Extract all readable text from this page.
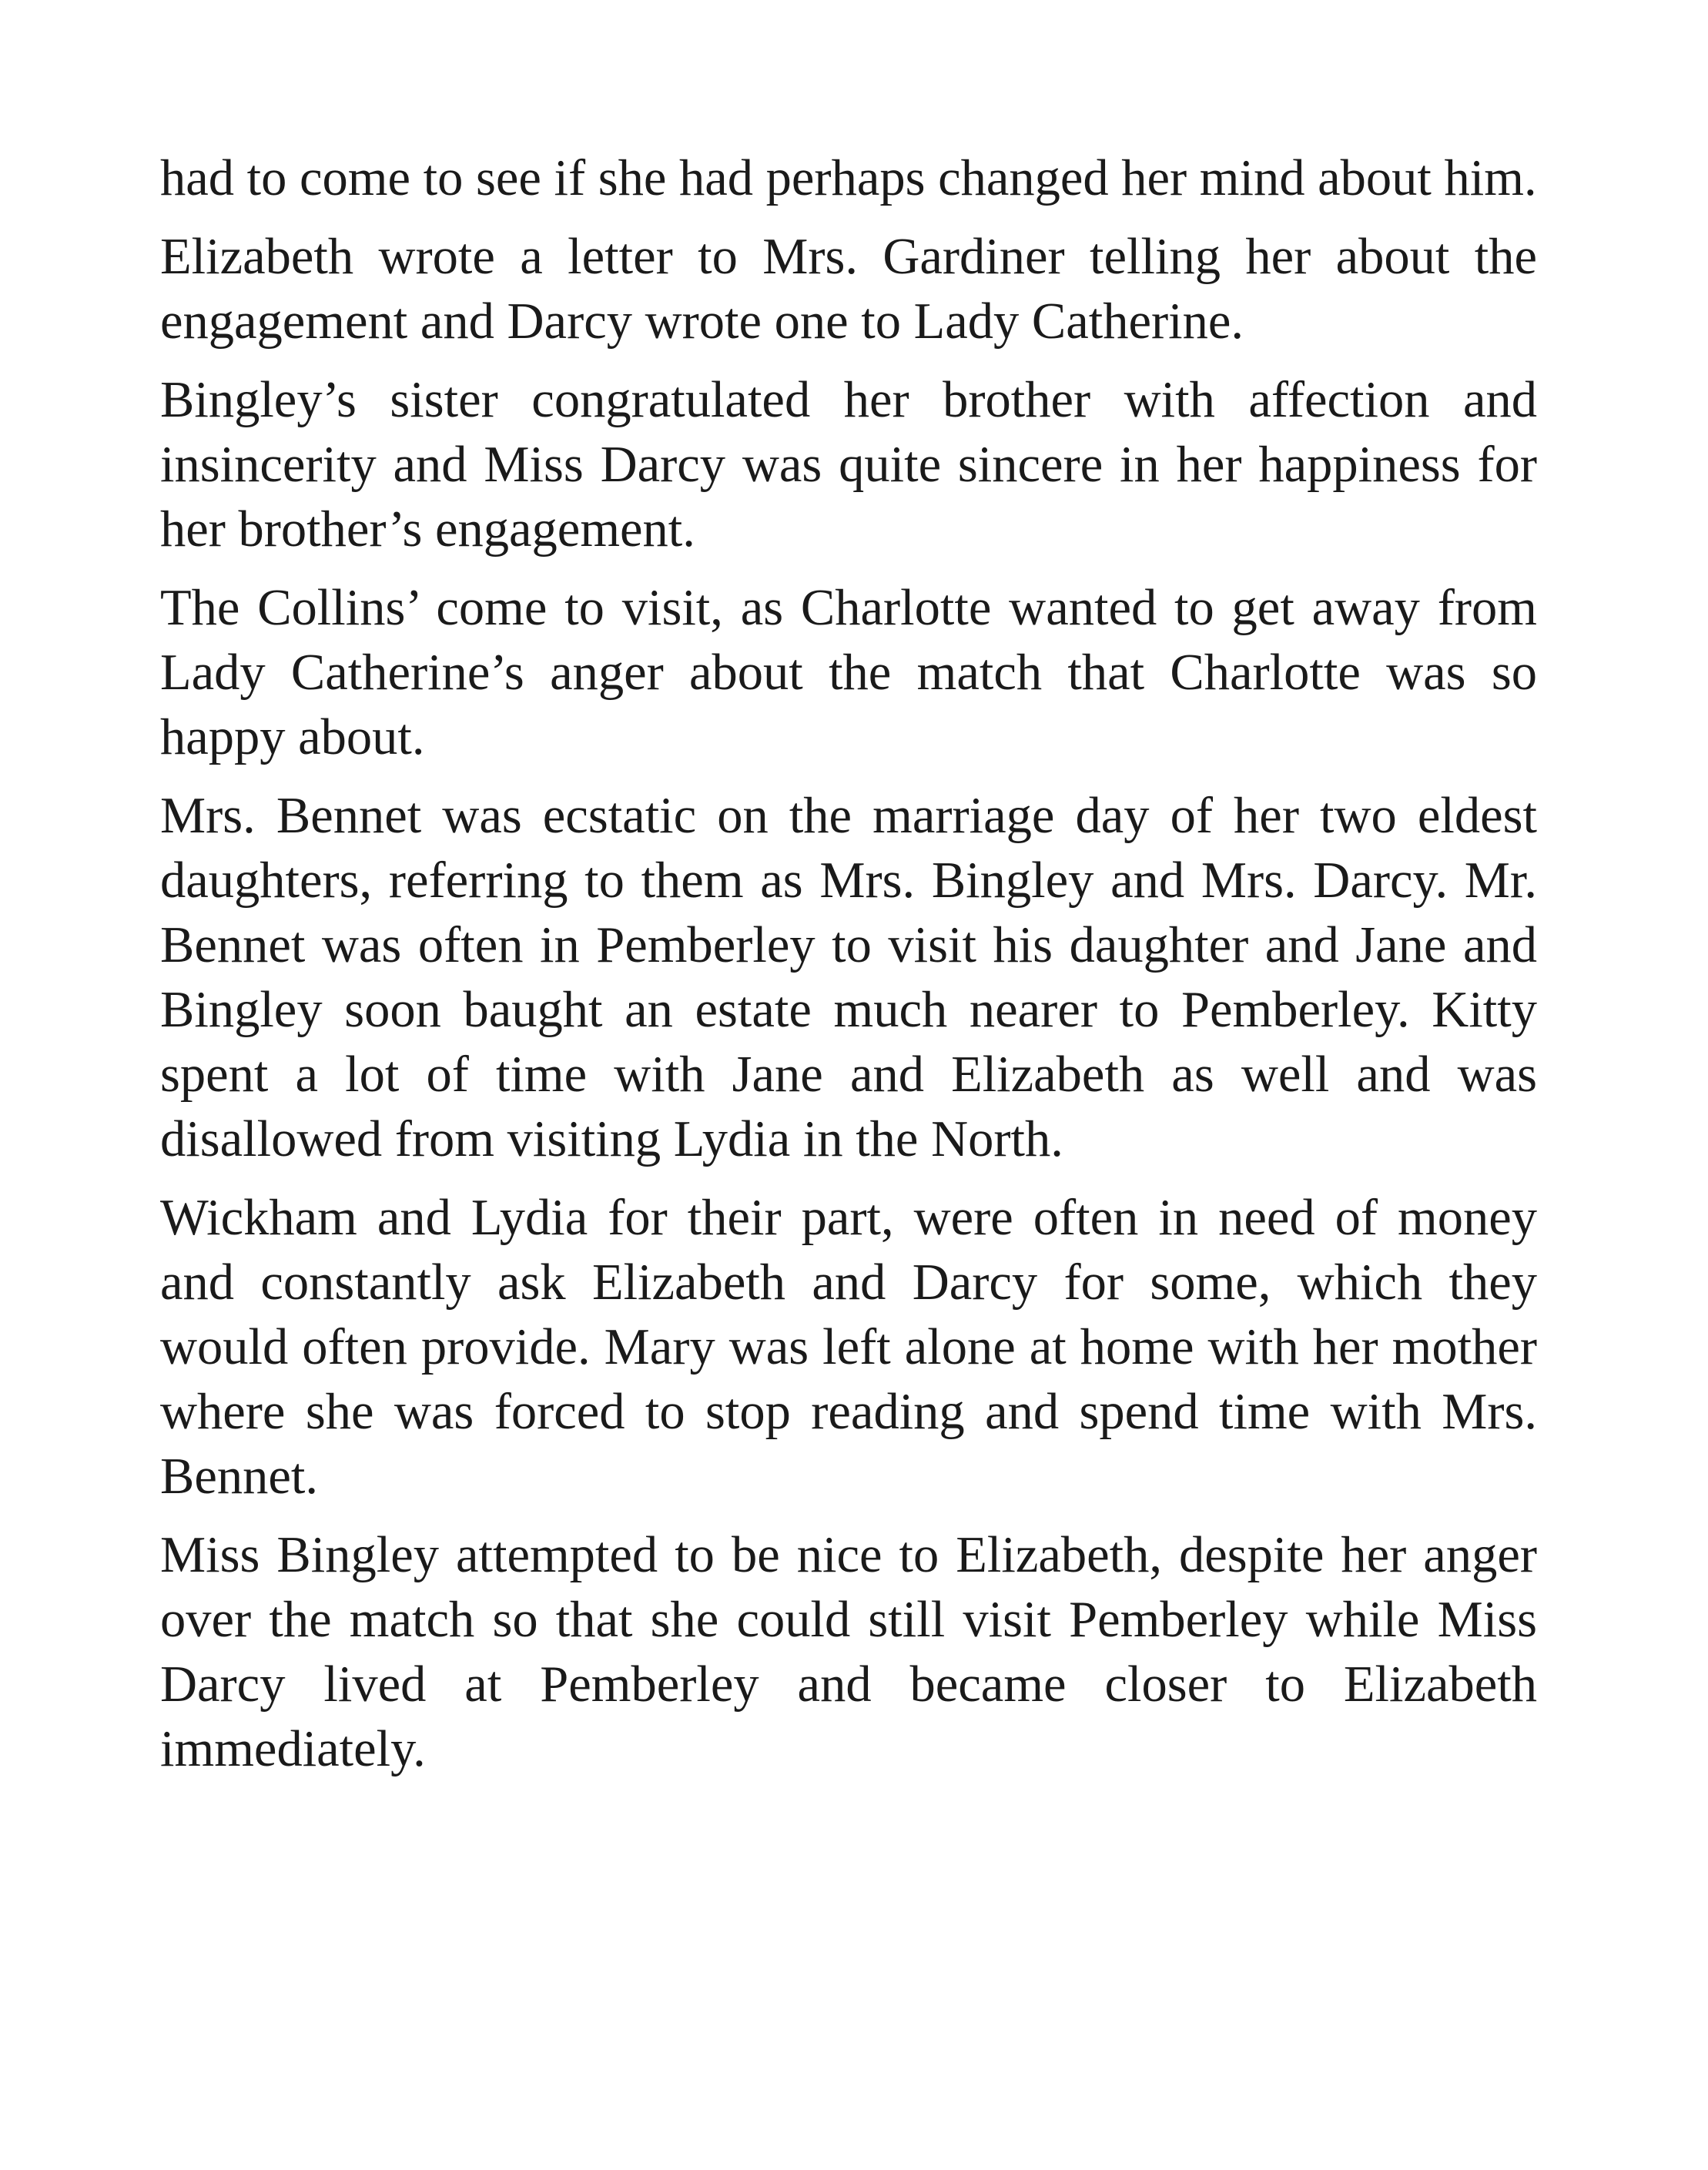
had to come to see if she had perhaps changed her mind about him.

Elizabeth wrote a letter to Mrs. Gardiner telling her about the engagement and Darcy wrote one to Lady Catherine.

Bingley’s sister congratulated her brother with affection and insincerity and Miss Darcy was quite sincere in her happiness for her brother’s engagement.

The Collins’ come to visit, as Charlotte wanted to get away from Lady Catherine’s anger about the match that Charlotte was so happy about.

Mrs. Bennet was ecstatic on the marriage day of her two eldest daughters, referring to them as Mrs. Bingley and Mrs. Darcy. Mr. Bennet was often in Pemberley to visit his daughter and Jane and Bingley soon baught an estate much nearer to Pemberley. Kitty spent a lot of time with Jane and Elizabeth as well and was disallowed from visiting Lydia in the North.

Wickham and Lydia for their part, were often in need of money and constantly ask Elizabeth and Darcy for some, which they would often provide. Mary was left alone at home with her mother where she was forced to stop reading and spend time with Mrs. Bennet.

Miss Bingley attempted to be nice to Elizabeth, despite her anger over the match so that she could still visit Pemberley while Miss Darcy lived at Pemberley and became closer to Elizabeth immediately.
